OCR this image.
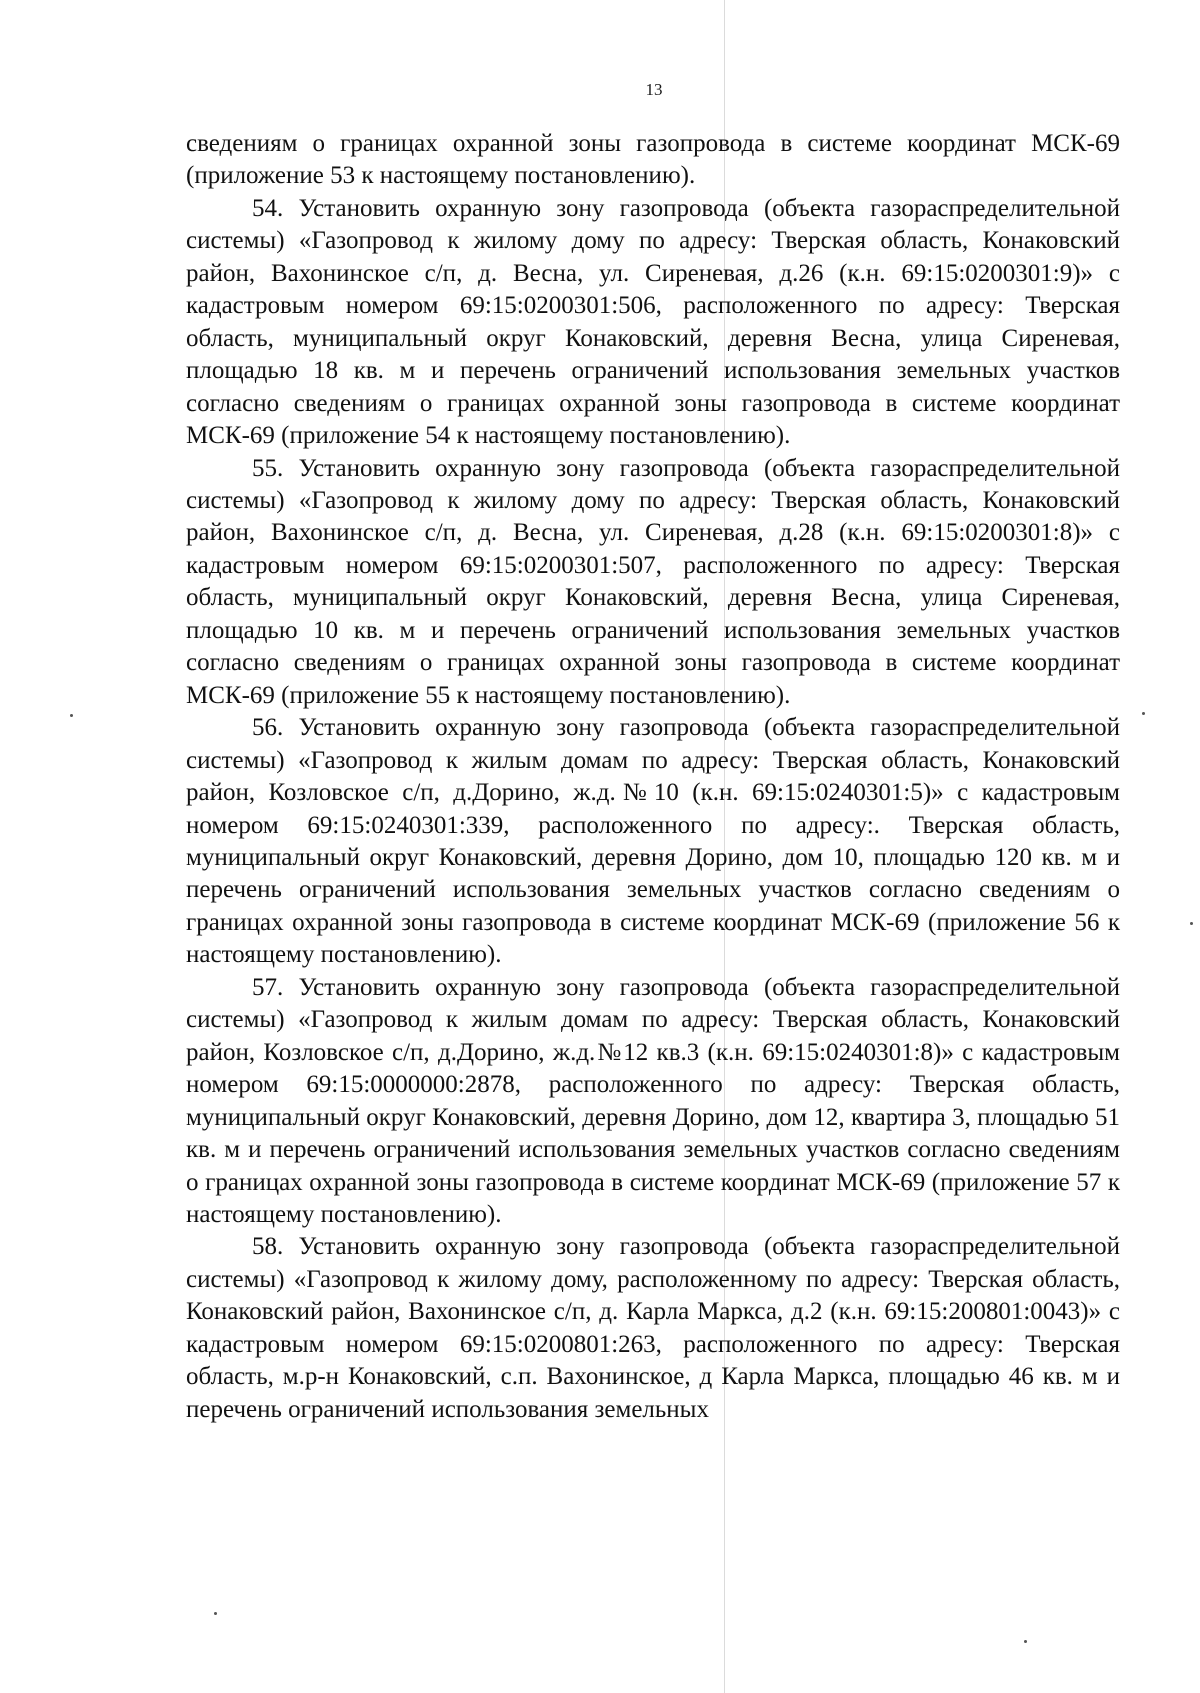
13

сведениям о границах охранной зоны газопровода в системе координат МСК-69 (приложение 53 к настоящему постановлению).

54. Установить охранную зону газопровода (объекта газораспределительной системы) «Газопровод к жилому дому по адресу: Тверская область, Конаковский район, Вахонинское с/п, д. Весна, ул. Сиреневая, д.26 (к.н. 69:15:0200301:9)» с кадастровым номером 69:15:0200301:506, расположенного по адресу: Тверская область, муниципальный округ Конаковский, деревня Весна, улица Сиреневая, площадью 18 кв. м и перечень ограничений использования земельных участков согласно сведениям о границах охранной зоны газопровода в системе координат МСК-69 (приложение 54 к настоящему постановлению).

55. Установить охранную зону газопровода (объекта газораспределительной системы) «Газопровод к жилому дому по адресу: Тверская область, Конаковский район, Вахонинское с/п, д. Весна, ул. Сиреневая, д.28 (к.н. 69:15:0200301:8)» с кадастровым номером 69:15:0200301:507, расположенного по адресу: Тверская область, муниципальный округ Конаковский, деревня Весна, улица Сиреневая, площадью 10 кв. м и перечень ограничений использования земельных участков согласно сведениям о границах охранной зоны газопровода в системе координат МСК-69 (приложение 55 к настоящему постановлению).

56. Установить охранную зону газопровода (объекта газораспределительной системы) «Газопровод к жилым домам по адресу: Тверская область, Конаковский район, Козловское с/п, д.Дорино, ж.д.№10 (к.н. 69:15:0240301:5)» с кадастровым номером 69:15:0240301:339, расположенного по адресу:. Тверская область, муниципальный округ Конаковский, деревня Дорино, дом 10, площадью 120 кв. м и перечень ограничений использования земельных участков согласно сведениям о границах охранной зоны газопровода в системе координат МСК-69 (приложение 56 к настоящему постановлению).

57. Установить охранную зону газопровода (объекта газораспределительной системы) «Газопровод к жилым домам по адресу: Тверская область, Конаковский район, Козловское с/п, д.Дорино, ж.д.№12 кв.3 (к.н. 69:15:0240301:8)» с кадастровым номером 69:15:0000000:2878, расположенного по адресу: Тверская область, муниципальный округ Конаковский, деревня Дорино, дом 12, квартира 3, площадью 51 кв. м и перечень ограничений использования земельных участков согласно сведениям о границах охранной зоны газопровода в системе координат МСК-69 (приложение 57 к настоящему постановлению).

58. Установить охранную зону газопровода (объекта газораспределительной системы) «Газопровод к жилому дому, расположенному по адресу: Тверская область, Конаковский район, Вахонинское с/п, д. Карла Маркса, д.2 (к.н. 69:15:200801:0043)» с кадастровым номером 69:15:0200801:263, расположенного по адресу: Тверская область, м.р-н Конаковский, с.п. Вахонинское, д Карла Маркса, площадью 46 кв. м и перечень ограничений использования земельных
